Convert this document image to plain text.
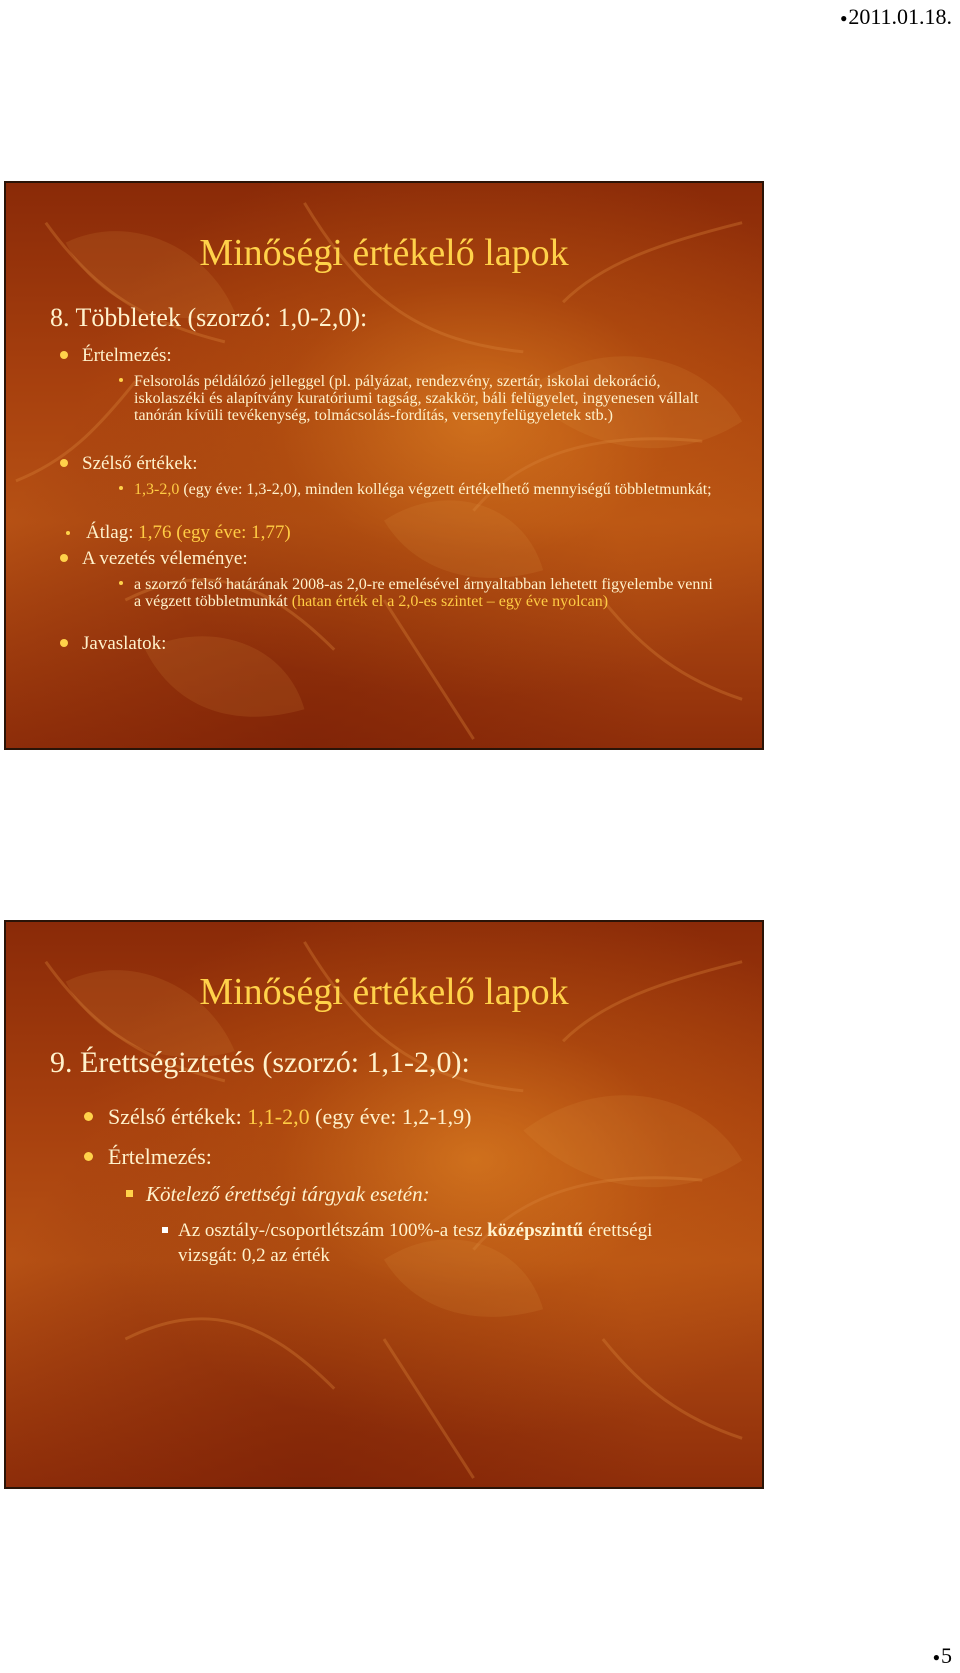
●2011.01.18.
Minőségi értékelő lapok
8. Többletek (szorzó: 1,0-2,0):
Értelmezés:
Felsorolás példálózó jelleggel (pl. pályázat, rendezvény, szertár, iskolai dekoráció, iskolaszéki és alapítvány kuratóriumi tagság, szakkör, báli felügyelet, ingyenesen vállalt tanórán kívüli tevékenység, tolmácsolás-fordítás, versenyfelügyeletek stb.)
Szélső értékek:
1,3-2,0 (egy éve: 1,3-2,0), minden kolléga végzett értékelhető mennyiségű többletmunkát;
Átlag: 1,76 (egy éve: 1,77)
A vezetés véleménye:
a szorzó felső határának 2008-as 2,0-re emelésével árnyaltabban lehetett figyelembe venni a végzett többletmunkát (hatan érték el a 2,0-es szintet – egy éve nyolcan)
Javaslatok:
Minőségi értékelő lapok
9. Érettségiztetés (szorzó: 1,1-2,0):
Szélső értékek: 1,1-2,0 (egy éve: 1,2-1,9)
Értelmezés:
Kötelező érettségi tárgyak esetén:
Az osztály-/csoportlétszám 100%-a tesz középszintű érettségi vizsgát: 0,2 az érték
●5
